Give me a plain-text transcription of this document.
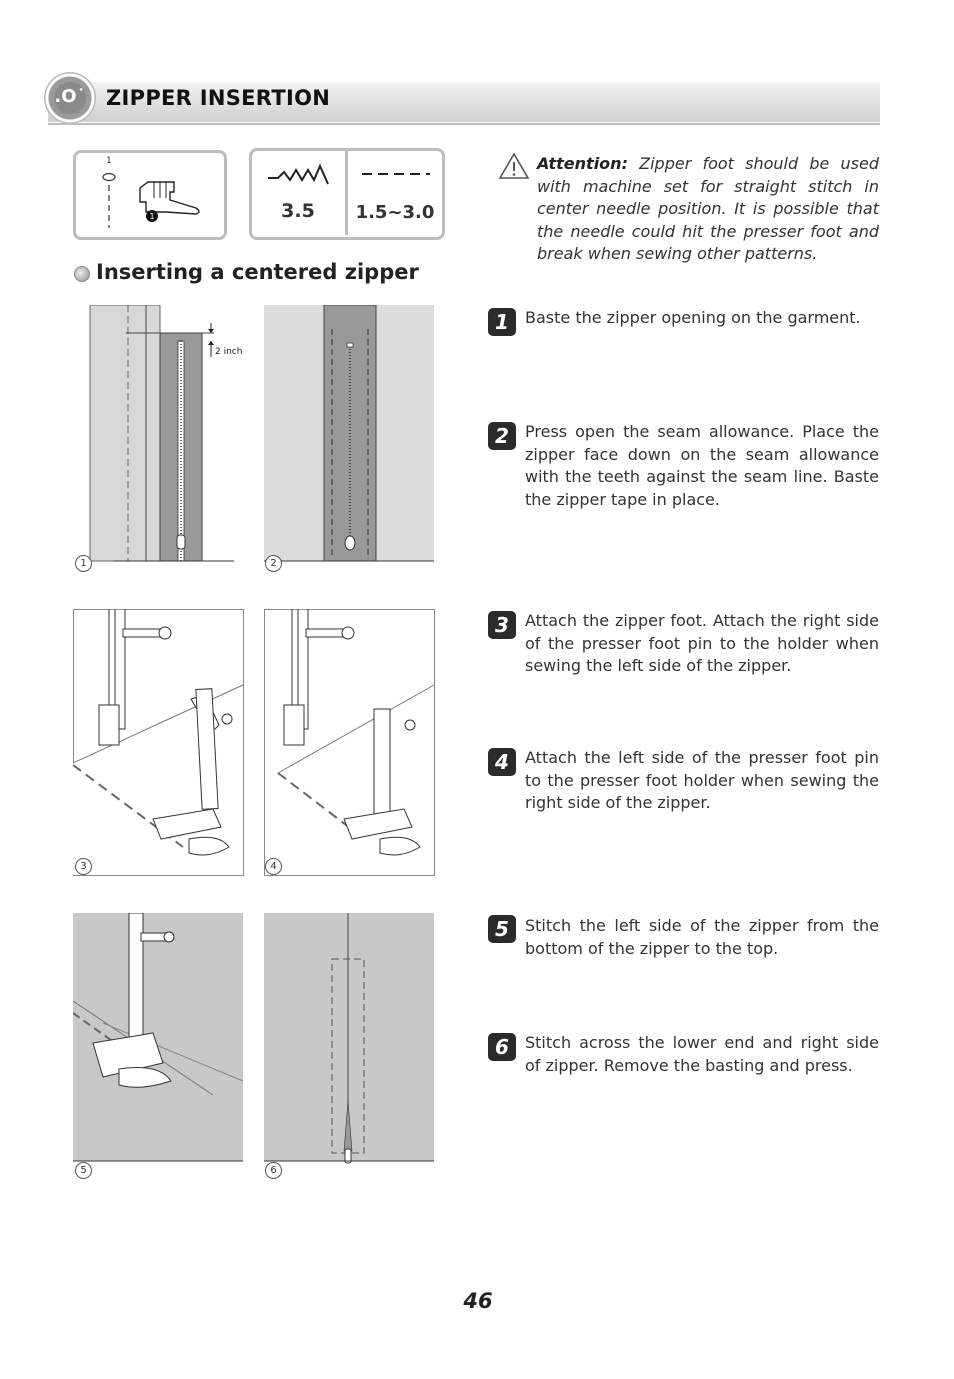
.O˙ ZIPPER INSERTION
1
1	3.5	1.5~3.0
Inserting a centered zipper
Attention: Zipper foot should be used with machine set for straight stitch in center needle position. It is possible that the needle could hit the presser foot and break when sewing other patterns.
2 inch
1	2
3	4
5	6
1	Baste the zipper opening on the garment.
2	Press open the seam allowance. Place the zipper face down on the seam allowance with the teeth against the seam line. Baste the zipper tape in place.
3	Attach the zipper foot. Attach the right side of the presser foot pin to the holder when sewing the left side of the zipper.
4	Attach the left side of the presser foot pin to the presser foot holder when sewing the right side of the zipper.
5	Stitch the left side of the zipper from the bottom of the zipper to the top.
6	Stitch across the lower end and right side of zipper. Remove the basting and press.
46
